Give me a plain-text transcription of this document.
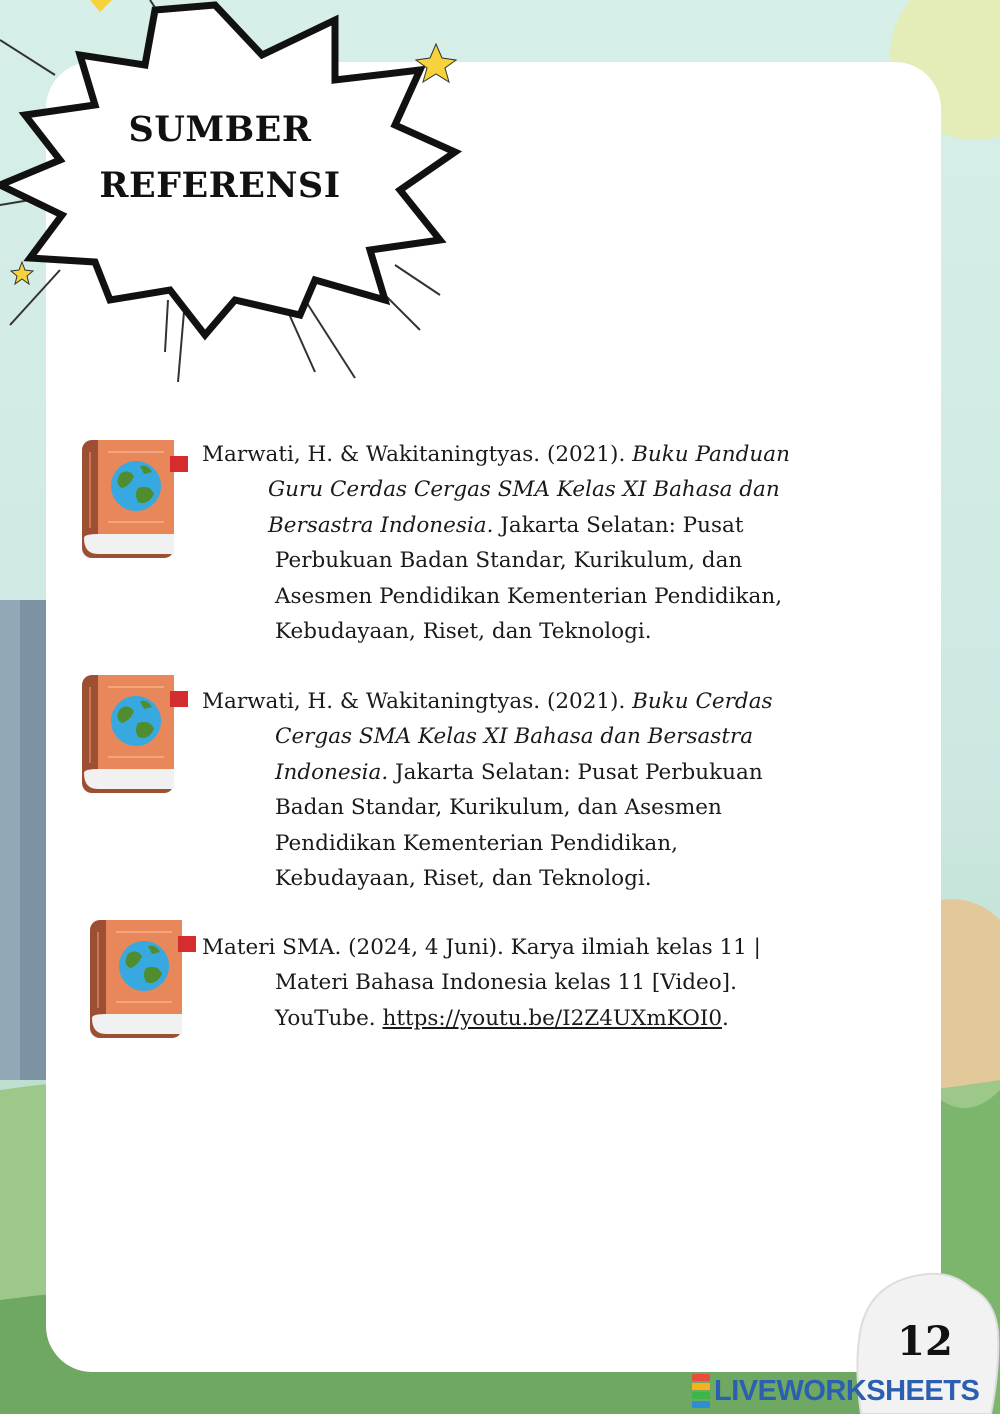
SUMBER
REFERENSI
Marwati, H. & Wakitaningtyas. (2021). Buku Panduan
Guru Cerdas Cergas SMA Kelas XI Bahasa dan
Bersastra Indonesia. Jakarta Selatan: Pusat
Perbukuan Badan Standar, Kurikulum, dan
Asesmen Pendidikan Kementerian Pendidikan,
Kebudayaan, Riset, dan Teknologi.
Marwati, H. & Wakitaningtyas. (2021). Buku Cerdas
Cergas SMA Kelas XI Bahasa dan Bersastra
Indonesia. Jakarta Selatan: Pusat Perbukuan
Badan Standar, Kurikulum, dan Asesmen
Pendidikan Kementerian Pendidikan,
Kebudayaan, Riset, dan Teknologi.
Materi SMA. (2024, 4 Juni). Karya ilmiah kelas 11 |
Materi Bahasa Indonesia kelas 11 [Video].
YouTube. https://youtu.be/I2Z4UXmKOI0.
12
LIVEWORKSHEETS
